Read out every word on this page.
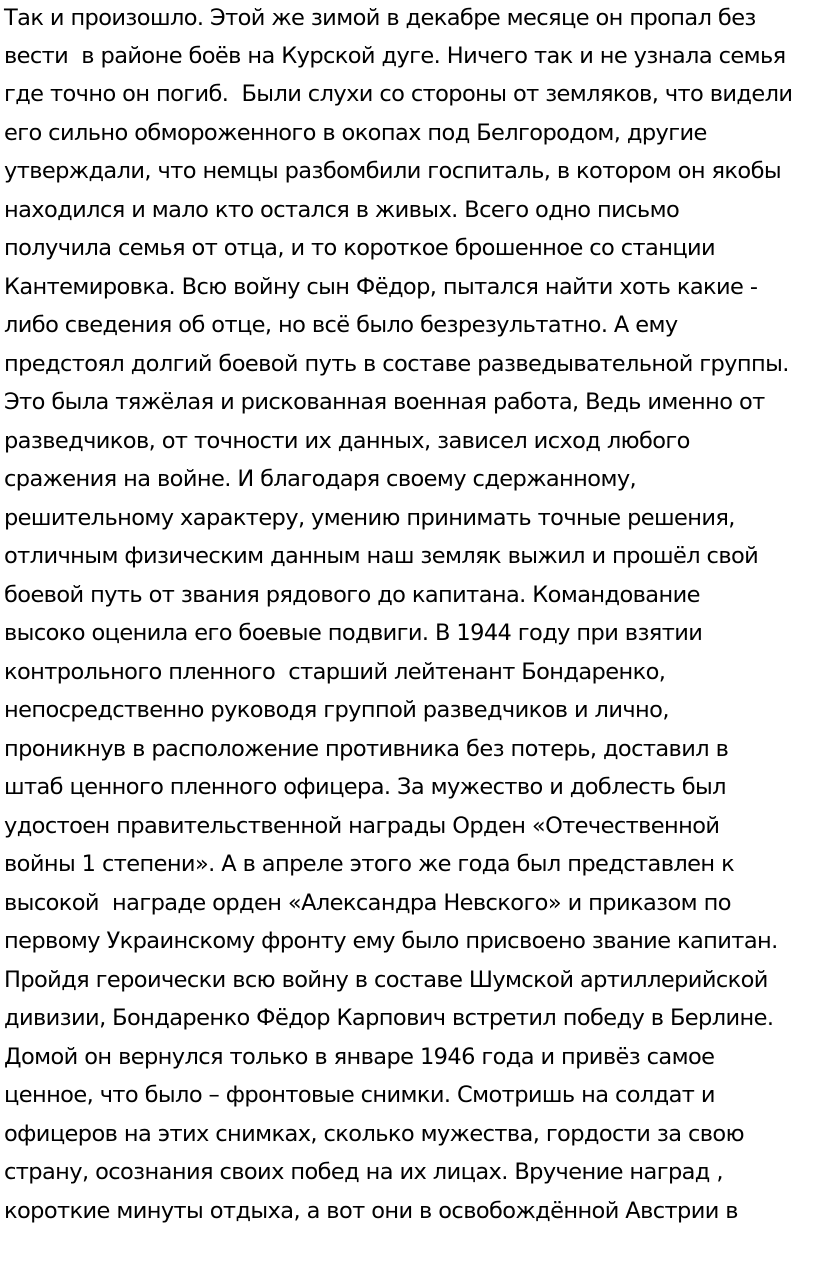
Так и произошло. Этой же зимой в декабре месяце он пропал без

вести  в районе боёв на Курской дуге. Ничего так и не узнала семья

где точно он погиб.  Были слухи со стороны от земляков, что видели

его сильно обмороженного в окопах под Белгородом, другие

утверждали, что немцы разбомбили госпиталь, в котором он якобы

находился и мало кто остался в живых. Всего одно письмо

получила семья от отца, и то короткое брошенное со станции

Кантемировка. Всю войну сын Фёдор, пытался найти хоть какие -

либо сведения об отце, но всё было безрезультатно. А ему

предстоял долгий боевой путь в составе разведывательной группы.

Это была тяжёлая и рискованная военная работа, Ведь именно от

разведчиков, от точности их данных, зависел исход любого

сражения на войне. И благодаря своему сдержанному,

решительному характеру, умению принимать точные решения,

отличным физическим данным наш земляк выжил и прошёл свой

боевой путь от звания рядового до капитана. Командование

высоко оценила его боевые подвиги. В 1944 году при взятии

контрольного пленного  старший лейтенант Бондаренко,

непосредственно руководя группой разведчиков и лично,

проникнув в расположение противника без потерь, доставил в

штаб ценного пленного офицера. За мужество и доблесть был

удостоен правительственной награды Орден «Отечественной

войны 1 степени». А в апреле этого же года был представлен к

высокой  награде орден «Александра Невского» и приказом по

первому Украинскому фронту ему было присвоено звание капитан.

Пройдя героически всю войну в составе Шумской артиллерийской

дивизии, Бондаренко Фёдор Карпович встретил победу в Берлине.

Домой он вернулся только в январе 1946 года и привёз самое

ценное, что было – фронтовые снимки. Смотришь на солдат и

офицеров на этих снимках, сколько мужества, гордости за свою

страну, осознания своих побед на их лицах. Вручение наград ,

короткие минуты отдыха, а вот они в освобождённой Австрии в
